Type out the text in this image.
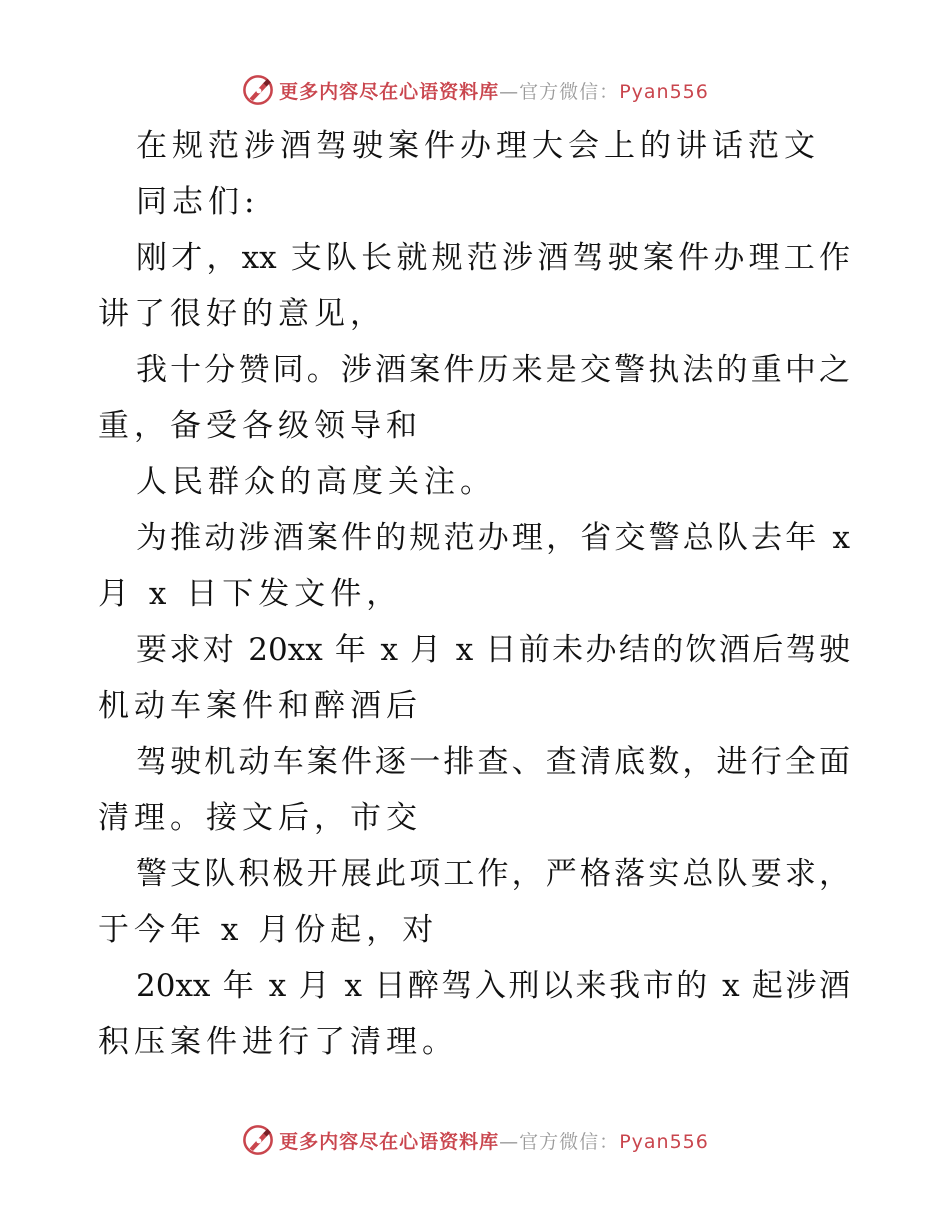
更多内容尽在心语资料库—官方微信：Pyan556
在规范涉酒驾驶案件办理大会上的讲话范文
同志们:
刚才，xx 支队长就规范涉酒驾驶案件办理工作
讲了很好的意见，
我十分赞同。涉酒案件历来是交警执法的重中之
重，备受各级领导和
人民群众的高度关注。
为推动涉酒案件的规范办理，省交警总队去年 x
月 x 日下发文件，
要求对 20xx 年 x 月 x 日前未办结的饮酒后驾驶
机动车案件和醉酒后
驾驶机动车案件逐一排查、查清底数，进行全面
清理。接文后，市交
警支队积极开展此项工作，严格落实总队要求，
于今年 x 月份起，对
20xx 年 x 月 x 日醉驾入刑以来我市的 x 起涉酒
积压案件进行了清理。
更多内容尽在心语资料库—官方微信：Pyan556
